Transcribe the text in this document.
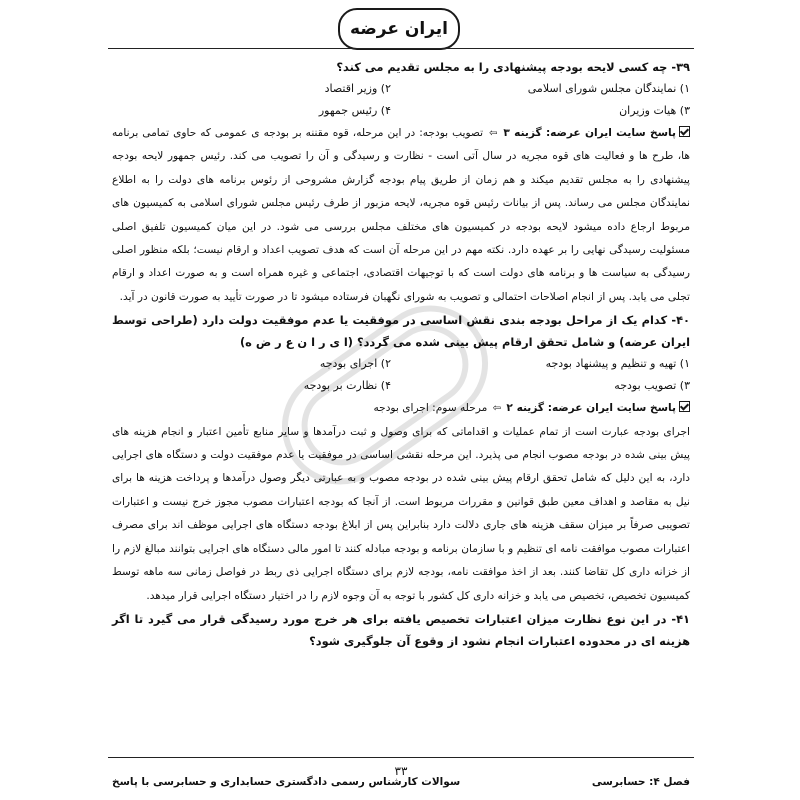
ایران عرضه

۳۹- چه کسی لایحه بودجه پیشنهادی را به مجلس تقدیم می کند؟

۱) نمایندگان مجلس شورای اسلامی
۲) وزیر اقتصاد
۳) هیات وزیران
۴) رئیس جمهور

پاسخ سایت ایران عرضه: گزینه ۳ ⇦ تصویب بودجه: در این مرحله، قوه مقننه بر بودجه ی عمومی که حاوی تمامی برنامه ها، طرح ها و فعالیت های قوه مجریه در سال آتی است - نظارت و رسیدگی و آن را تصویب می کند. رئیس جمهور لایحه بودجه پیشنهادی را به مجلس تقدیم میکند و هم زمان از طریق پیام بودجه گزارش مشروحی از رئوس برنامه های دولت را به اطلاع نمایندگان مجلس می رساند. پس از بیانات رئیس قوه مجریه، لایحه مزبور از طرف رئیس مجلس شورای اسلامی به کمیسیون های مربوط ارجاع داده میشود لایحه بودجه در کمیسیون های مختلف مجلس بررسی می شود. در این میان کمیسیون تلفیق اصلی مسئولیت رسیدگی نهایی را بر عهده دارد. نکته مهم در این مرحله آن است که هدف تصویب اعداد و ارقام نیست؛ بلکه منظور اصلی رسیدگی به سیاست ها و برنامه های دولت است که با توجیهات اقتصادی، اجتماعی و غیره همراه است و به صورت اعداد و ارقام تجلی می یابد. پس از انجام اصلاحات احتمالی و تصویب به شورای نگهبان فرستاده میشود تا در صورت تأیید به صورت قانون در آید.

۴۰- کدام یک از مراحل بودجه بندی نقش اساسی در موفقیت یا عدم موفقیت دولت دارد (طراحی توسط ایران عرضه) و شامل تحقق ارقام پیش بینی شده می گردد؟ (ا ی ر ا ن ع ر ض ه)

۱) تهیه و تنظیم و پیشنهاد بودجه
۲) اجرای بودجه
۳) تصویب بودجه
۴) نظارت بر بودجه

پاسخ سایت ایران عرضه: گزینه ۲ ⇦ مرحله سوم: اجرای بودجه

اجرای بودجه عبارت است از تمام عملیات و اقداماتی که برای وصول و ثبت درآمدها و سایر منابع تأمین اعتبار و انجام هزینه های پیش بینی شده در بودجه مصوب انجام می پذیرد. این مرحله نقشی اساسی در موفقیت یا عدم موفقیت دولت و دستگاه های اجرایی دارد، به این دلیل که شامل تحقق ارقام پیش بینی شده در بودجه مصوب و به عبارتی دیگر وصول درآمدها و پرداخت هزینه ها برای نیل به مقاصد و اهداف معین طبق قوانین و مقررات مربوط است. از آنجا که بودجه اعتبارات مصوب مجوز خرج نیست و اعتبارات تصویبی صرفاً بر میزان سقف هزینه های جاری دلالت دارد بنابراین پس از ابلاغ بودجه دستگاه های اجرایی موظف اند برای مصرف اعتبارات مصوب موافقت نامه ای تنظیم و با سازمان برنامه و بودجه مبادله کنند تا امور مالی دستگاه های اجرایی بتوانند مبالغ لازم را از خزانه داری کل تقاضا کنند. بعد از اخذ موافقت نامه، بودجه لازم برای دستگاه اجرایی ذی ربط در فواصل زمانی سه ماهه توسط کمیسیون تخصیص، تخصیص می یابد و خزانه داری کل کشور با توجه به آن وجوه لازم را در اختیار دستگاه اجرایی قرار میدهد.

۴۱- در این نوع نظارت میزان اعتبارات تخصیص یافته برای هر خرج مورد رسیدگی قرار می گیرد تا اگر هزینه ای در محدوده اعتبارات انجام نشود از وقوع آن جلوگیری شود؟

فصل ۴: حسابرسی
۳۳
سوالات کارشناس رسمی دادگستری حسابداری و حسابرسی با پاسخ
